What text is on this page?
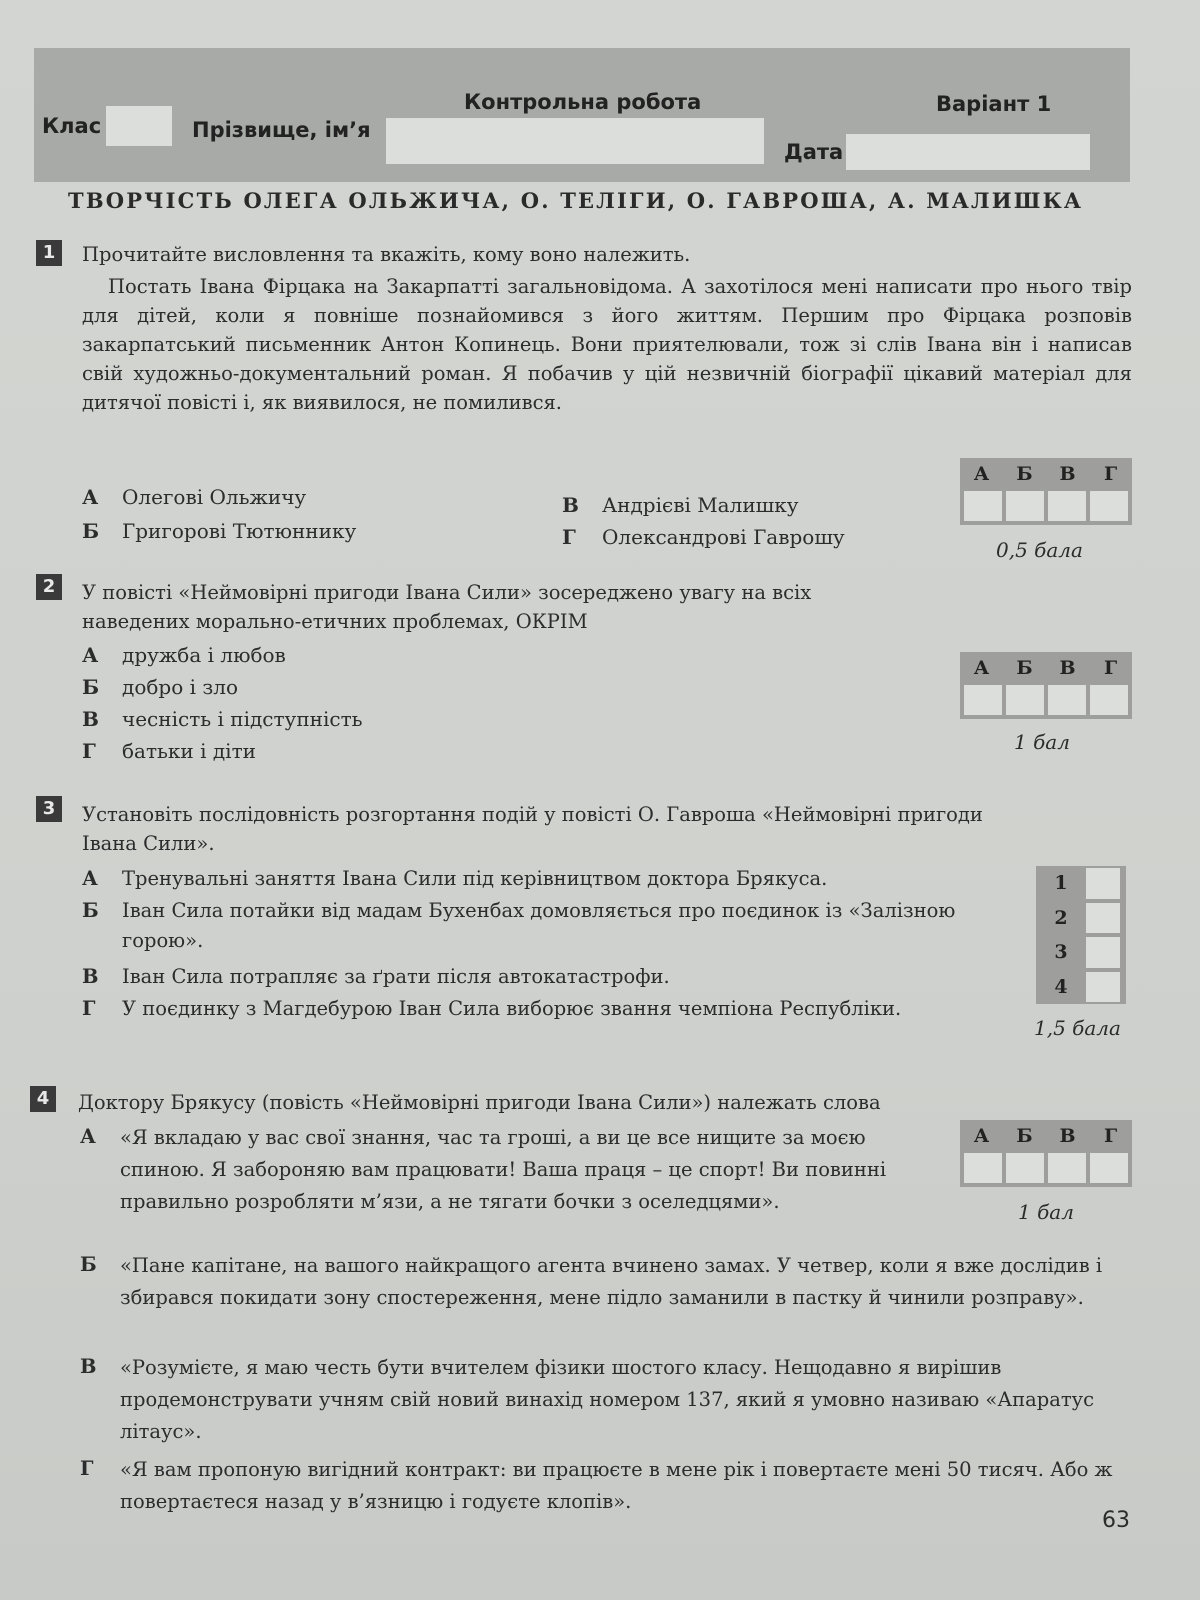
Контрольна робота	Варіант 1
Клас	Прізвище, ім’я
Дата
ТВОРЧІСТЬ ОЛЕГА ОЛЬЖИЧА, О. ТЕЛІГИ, О. ГАВРОША, А. МАЛИШКА
1	Прочитайте висловлення та вкажіть, кому воно належить.
Постать Івана Фірцака на Закарпатті загальновідома. А захотілося мені написати про нього твір для дітей, коли я повніше познайомився з його життям. Першим про Фірцака розповів закарпатський письменник Антон Копинець. Вони приятелювали, тож зі слів Івана він і написав свій художньо-документальний роман. Я побачив у цій незвичній біографії цікавий матеріал для дитячої повісті і, як виявилося, не помилився.
А Олегові Ольжичу
Б Григорові Тютюннику
В Андрієві Малишку
Г Олександрові Гаврошу
А	Б	В	Г
0,5 бала
2	У повісті «Неймовірні пригоди Івана Сили» зосереджено увагу на всіх
наведених морально-етичних проблемах, ОКРІМ
А дружба і любов
Б добро і зло
В чесність і підступність
Г батьки і діти
А	Б	В	Г
1 бал
3	Установіть послідовність розгортання подій у повісті О. Гавроша «Неймовірні пригоди
Івана Сили».
А Тренувальні заняття Івана Сили під керівництвом доктора Брякуса.
Б Іван Сила потайки від мадам Бухенбах домовляється про поєдинок із «Залізною горою».
В Іван Сила потрапляє за ґрати після автокатастрофи.
Г У поєдинку з Магдебурою Іван Сила виборює звання чемпіона Республіки.
1
2
3
4
1,5 бала
4	Доктору Брякусу (повість «Неймовірні пригоди Івана Сили») належать слова
А «Я вкладаю у вас свої знання, час та гроші, а ви це все нищите за моєю спиною. Я забороняю вам працювати! Ваша праця – це спорт! Ви повинні правильно розробляти м’язи, а не тягати бочки з оселедцями».
Б «Пане капітане, на вашого найкращого агента вчинено замах. У четвер, коли я вже дослідив і збирався покидати зону спостереження, мене підло заманили в пастку й чинили розправу».
В «Розумієте, я маю честь бути вчителем фізики шостого класу. Нещодавно я вирішив продемонструвати учням свій новий винахід номером 137, який я умовно називаю «Апаратус літаус».
Г «Я вам пропоную вигідний контракт: ви працюєте в мене рік і повертаєте мені 50 тисяч. Або ж повертаєтеся назад у в’язницю і годуєте клопів».
А	Б	В	Г
1 бал
63
